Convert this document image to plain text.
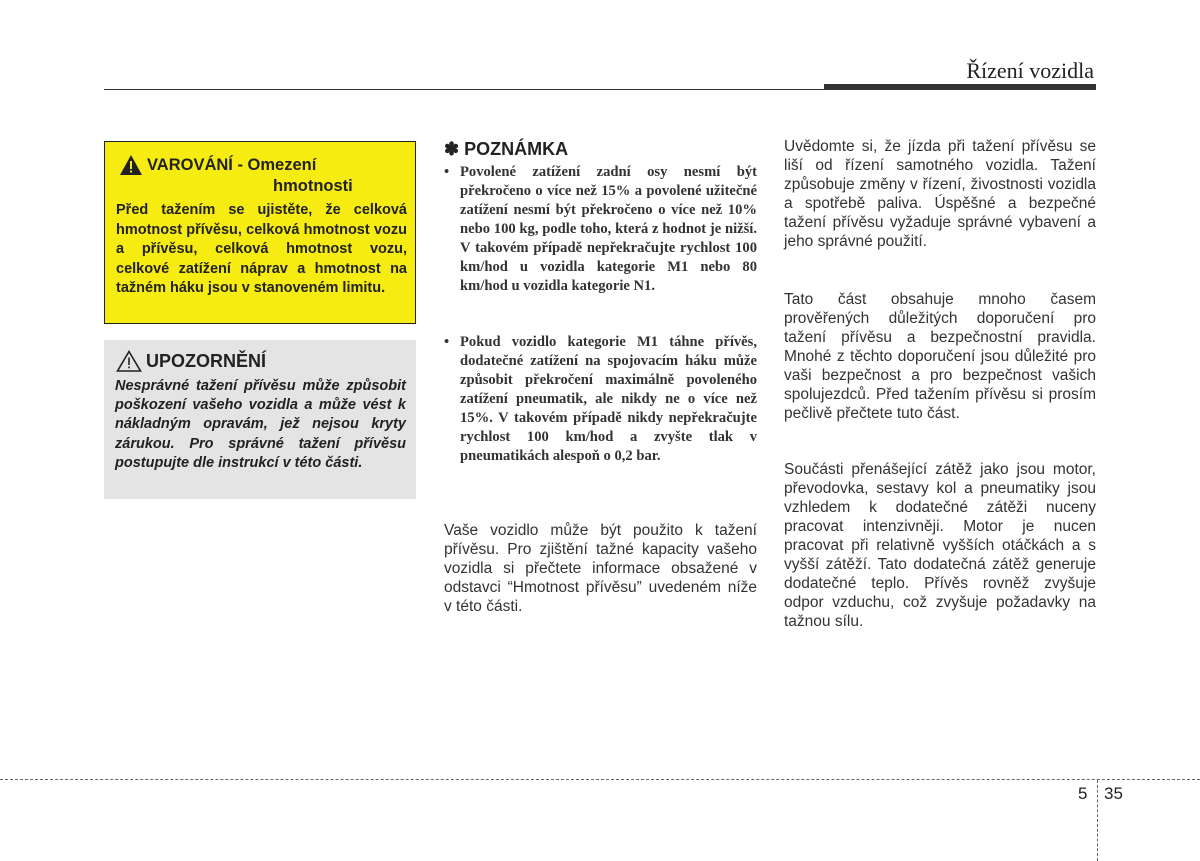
Řízení vozidla
VAROVÁNÍ - Omezení
hmotnosti
Před tažením se ujistěte, že celková hmotnost přívěsu, celková hmotnost vozu a přívěsu, celková hmotnost vozu, celkové zatížení náprav a hmotnost na tažném háku jsou v stanoveném limitu.
UPOZORNĚNÍ
Nesprávné tažení přívěsu může způsobit poškození vašeho vozidla a může vést k nákladným opravám, jež nejsou kryty zárukou. Pro správné tažení přívěsu postupujte dle instrukcí v této části.
✽ POZNÁMKA
• Povolené zatížení zadní osy nesmí být překročeno o více než 15% a povolené užitečné zatížení nesmí být překročeno o více než 10% nebo 100 kg, podle toho, která z hodnot je nižší. V takovém případě nepřekračujte rychlost 100 km/hod u vozidla kategorie M1 nebo 80 km/hod u vozidla kategorie N1.
• Pokud vozidlo kategorie M1 táhne přívěs, dodatečné zatížení na spojovacím háku může způsobit překročení maximálně povoleného zatížení pneumatik, ale nikdy ne o více než 15%. V takovém případě nikdy nepřekračujte rychlost 100 km/hod a zvyšte tlak v pneumatikách alespoň o 0,2 bar.
Vaše vozidlo může být použito k tažení přívěsu. Pro zjištění tažné kapacity vašeho vozidla si přečtete informace obsažené v odstavci “Hmotnost přívěsu” uvedeném níže v této části.
Uvědomte si, že jízda při tažení přívěsu se liší od řízení samotného vozidla. Tažení způsobuje změny v řízení, živostnosti vozidla a spotřebě paliva. Úspěšné a bezpečné tažení přívěsu vyžaduje správné vybavení a jeho správné použití.
Tato část obsahuje mnoho časem prověřených důležitých doporučení pro tažení přívěsu a bezpečnostní pravidla. Mnohé z těchto doporučení jsou důležité pro vaši bezpečnost a pro bezpečnost vašich spolujezdců. Před tažením přívěsu si prosím pečlivě přečtete tuto část.
Součásti přenášející zátěž jako jsou motor, převodovka, sestavy kol a pneumatiky jsou vzhledem k dodatečné zátěži nuceny pracovat intenzivněji. Motor je nucen pracovat při relativně vyšších otáčkách a s vyšší zátěží. Tato dodatečná zátěž generuje dodatečné teplo. Přívěs rovněž zvyšuje odpor vzduchu, což zvyšuje požadavky na tažnou sílu.
5 35
